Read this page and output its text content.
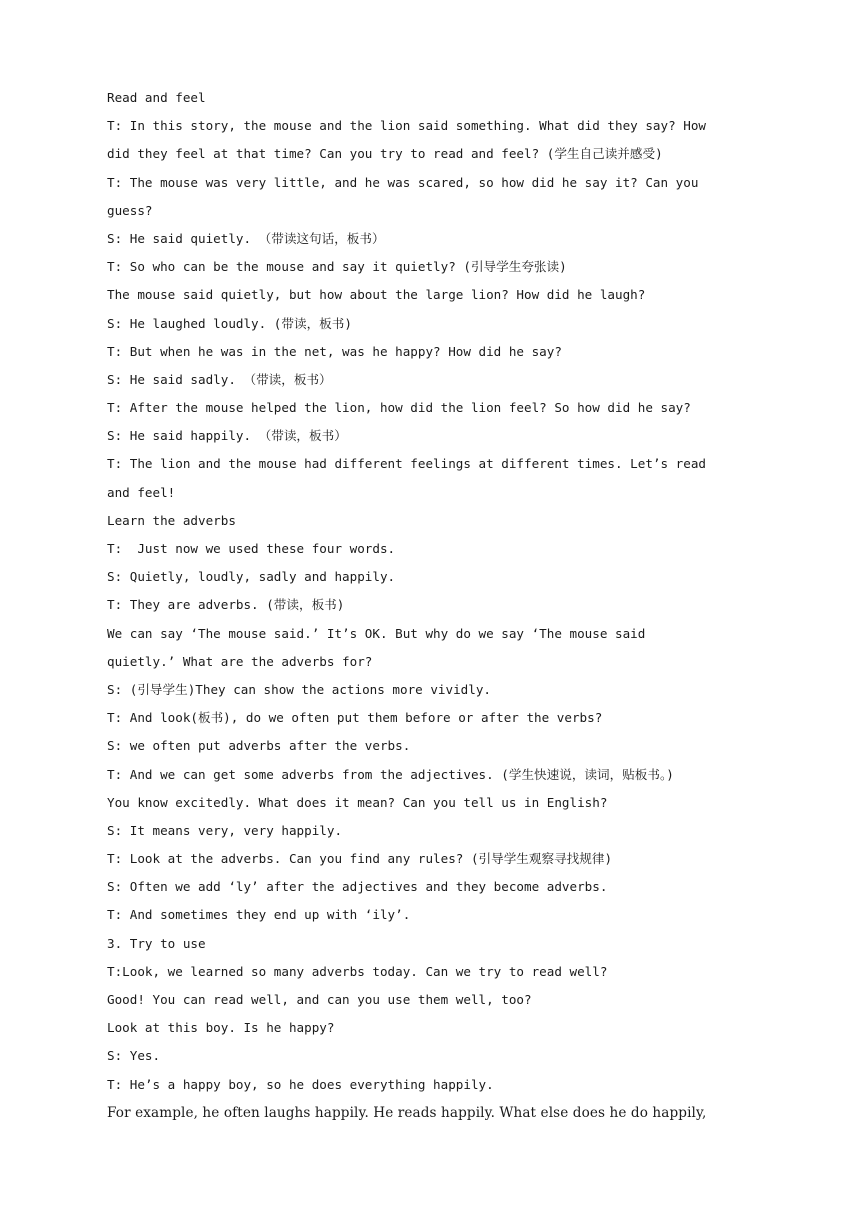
Read and feel
T: In this story, the mouse and the lion said something. What did they say? How
did they feel at that time? Can you try to read and feel? (学生自己读并感受)
T: The mouse was very little, and he was scared, so how did he say it? Can you
guess?
S: He said quietly. （带读这句话，板书）
T: So who can be the mouse and say it quietly? (引导学生夸张读)
The mouse said quietly, but how about the large lion? How did he laugh?
S: He laughed loudly. (带读，板书)
T: But when he was in the net, was he happy? How did he say?
S: He said sadly. （带读，板书）
T: After the mouse helped the lion, how did the lion feel? So how did he say?
S: He said happily. （带读，板书）
T: The lion and the mouse had different feelings at different times. Let’s read
and feel!
Learn the adverbs
T:  Just now we used these four words.
S: Quietly, loudly, sadly and happily.
T: They are adverbs. (带读，板书)
We can say ‘The mouse said.’ It’s OK. But why do we say ‘The mouse said
quietly.’ What are the adverbs for?
S: (引导学生)They can show the actions more vividly.
T: And look(板书), do we often put them before or after the verbs?
S: we often put adverbs after the verbs.
T: And we can get some adverbs from the adjectives. (学生快速说，读词，贴板书。)
You know excitedly. What does it mean? Can you tell us in English?
S: It means very, very happily.
T: Look at the adverbs. Can you find any rules? (引导学生观察寻找规律)
S: Often we add ‘ly’ after the adjectives and they become adverbs.
T: And sometimes they end up with ‘ily’.
3. Try to use
T:Look, we learned so many adverbs today. Can we try to read well?
Good! You can read well, and can you use them well, too?
Look at this boy. Is he happy?
S: Yes.
T: He’s a happy boy, so he does everything happily.
For example, he often laughs happily. He reads happily. What else does he do happily,
